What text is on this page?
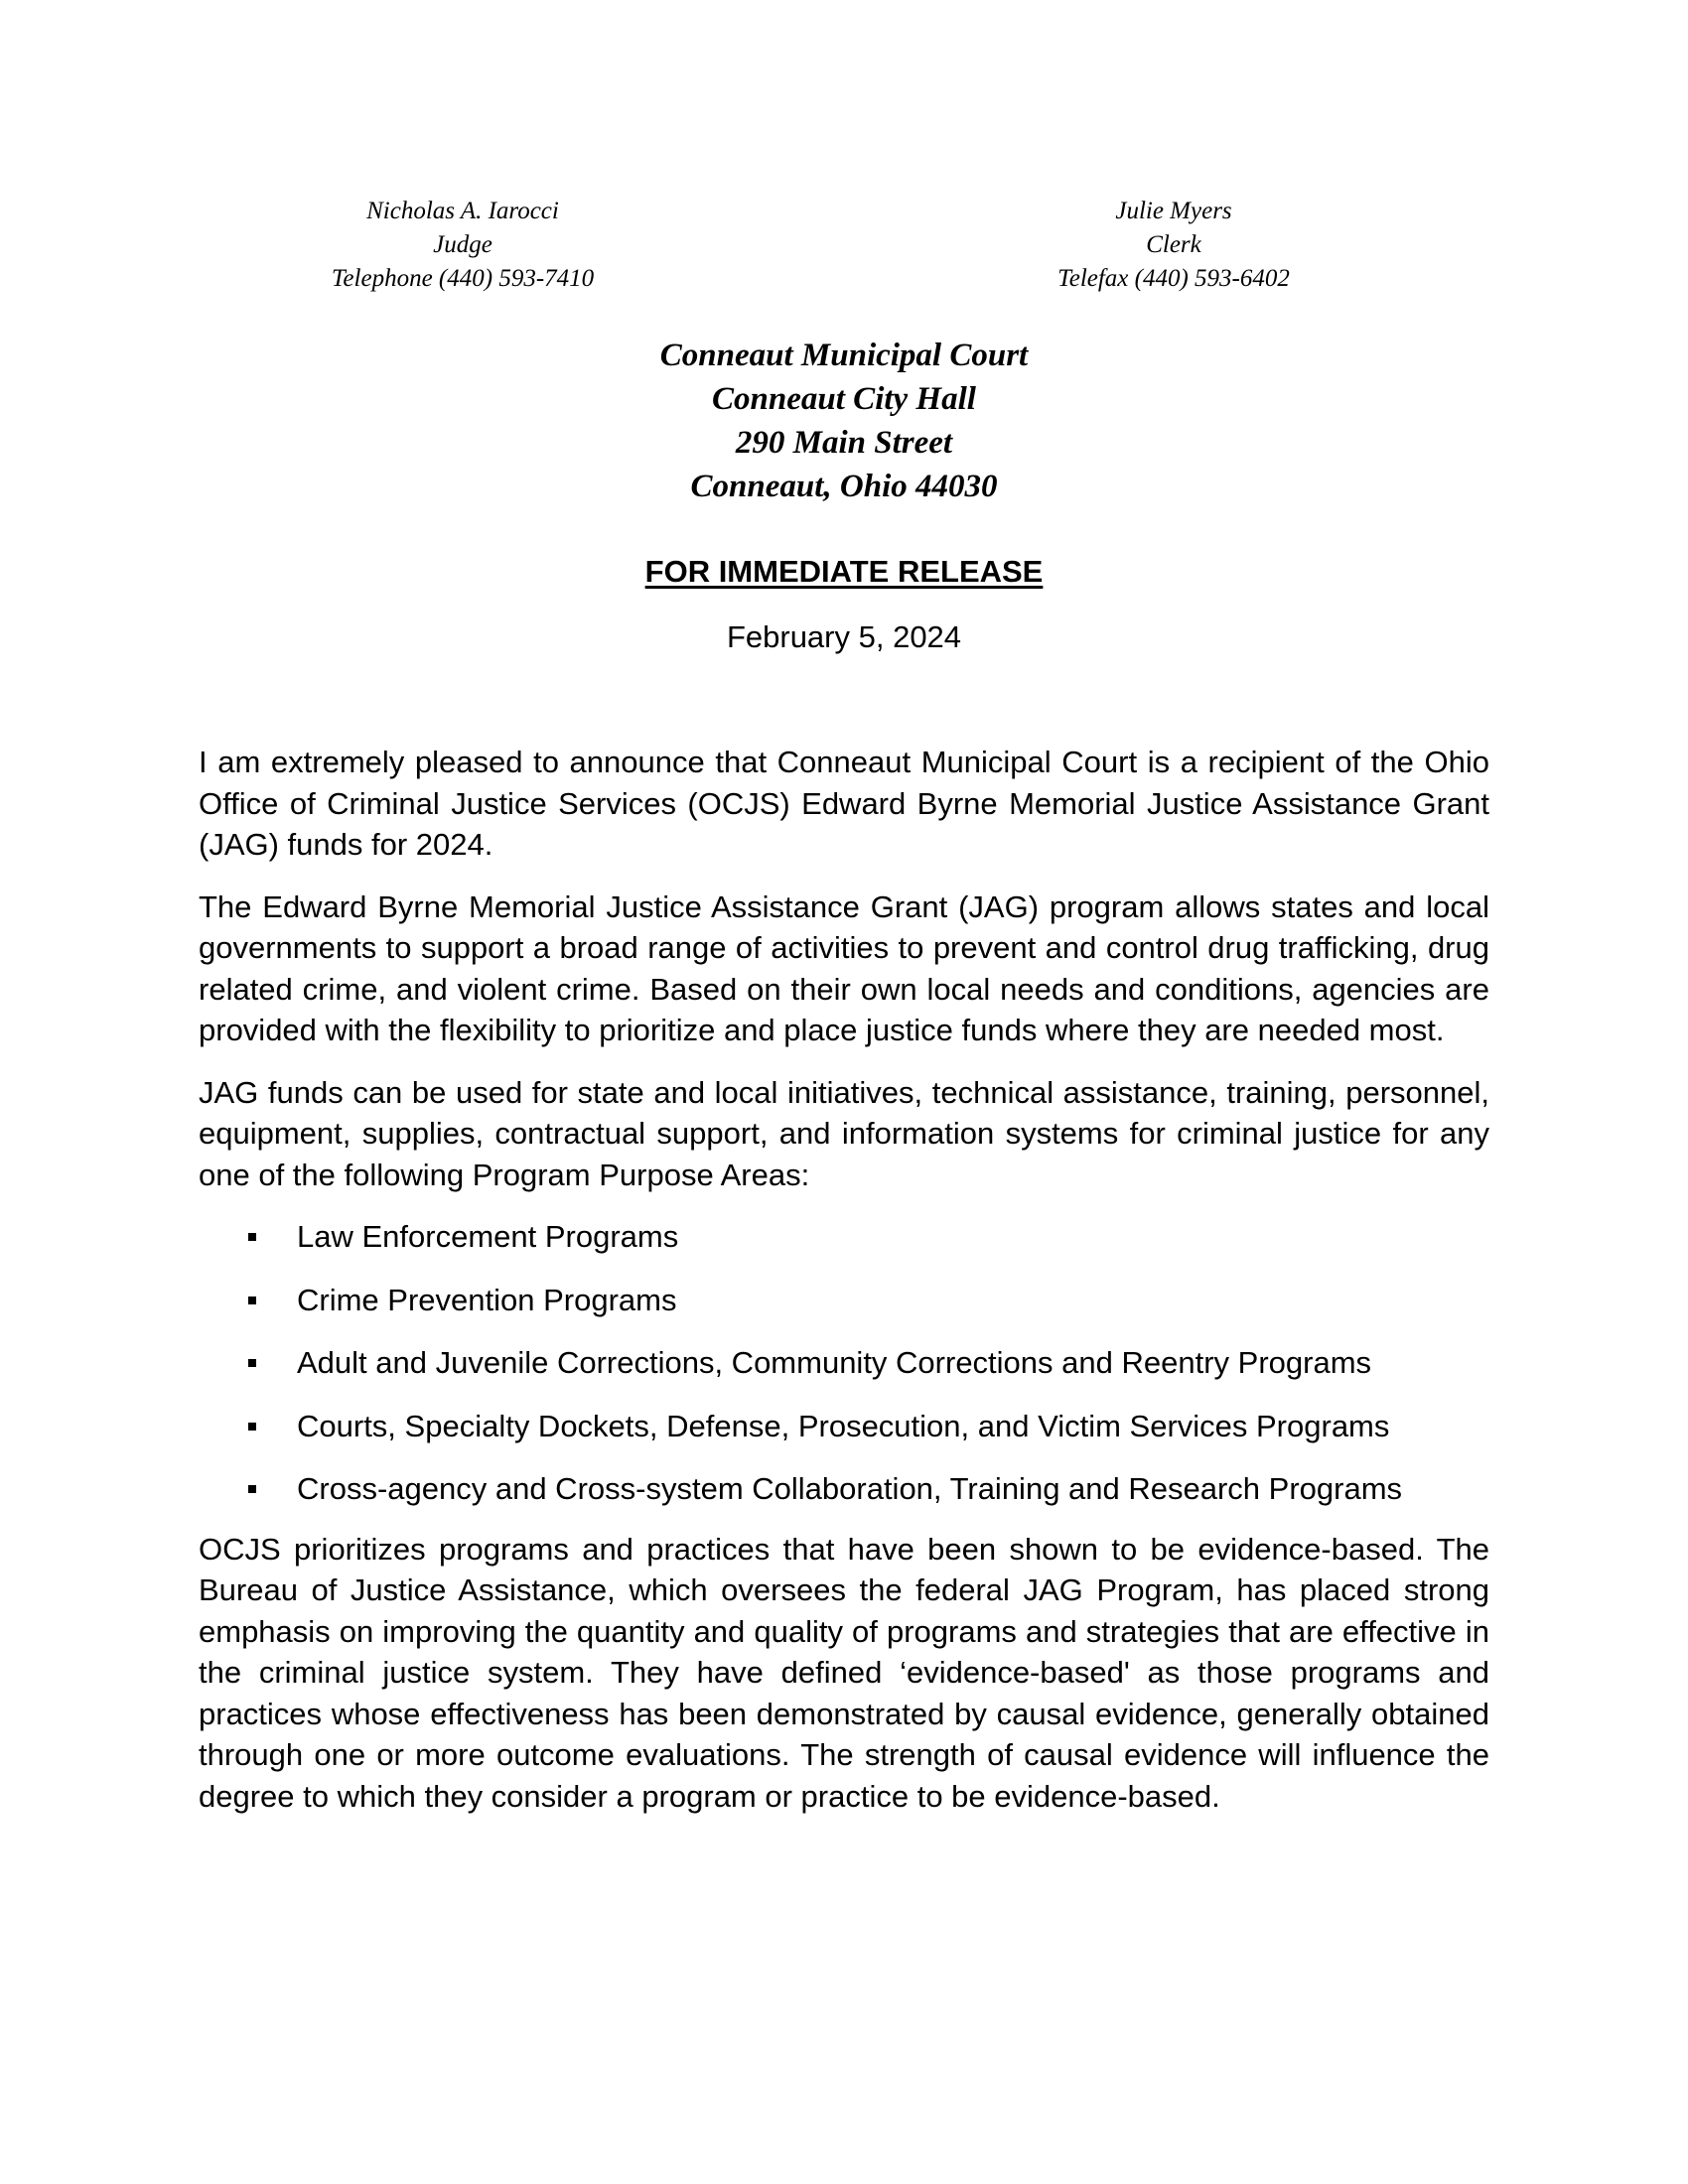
Nicholas A. Iarocci
Judge
Telephone (440) 593-7410
Julie Myers
Clerk
Telefax (440) 593-6402
Conneaut Municipal Court
Conneaut City Hall
290 Main Street
Conneaut, Ohio 44030
FOR IMMEDIATE RELEASE
February 5, 2024

I am extremely pleased to announce that Conneaut Municipal Court is a recipient of the Ohio Office of Criminal Justice Services (OCJS) Edward Byrne Memorial Justice Assistance Grant (JAG) funds for 2024.

The Edward Byrne Memorial Justice Assistance Grant (JAG) program allows states and local governments to support a broad range of activities to prevent and control drug trafficking, drug related crime, and violent crime. Based on their own local needs and conditions, agencies are provided with the flexibility to prioritize and place justice funds where they are needed most.

JAG funds can be used for state and local initiatives, technical assistance, training, personnel, equipment, supplies, contractual support, and information systems for criminal justice for any one of the following Program Purpose Areas:

Law Enforcement Programs
Crime Prevention Programs
Adult and Juvenile Corrections, Community Corrections and Reentry Programs
Courts, Specialty Dockets, Defense, Prosecution, and Victim Services Programs
Cross-agency and Cross-system Collaboration, Training and Research Programs

OCJS prioritizes programs and practices that have been shown to be evidence-based. The Bureau of Justice Assistance, which oversees the federal JAG Program, has placed strong emphasis on improving the quantity and quality of programs and strategies that are effective in the criminal justice system. They have defined ‘evidence-based' as those programs and practices whose effectiveness has been demonstrated by causal evidence, generally obtained through one or more outcome evaluations. The strength of causal evidence will influence the degree to which they consider a program or practice to be evidence-based.
